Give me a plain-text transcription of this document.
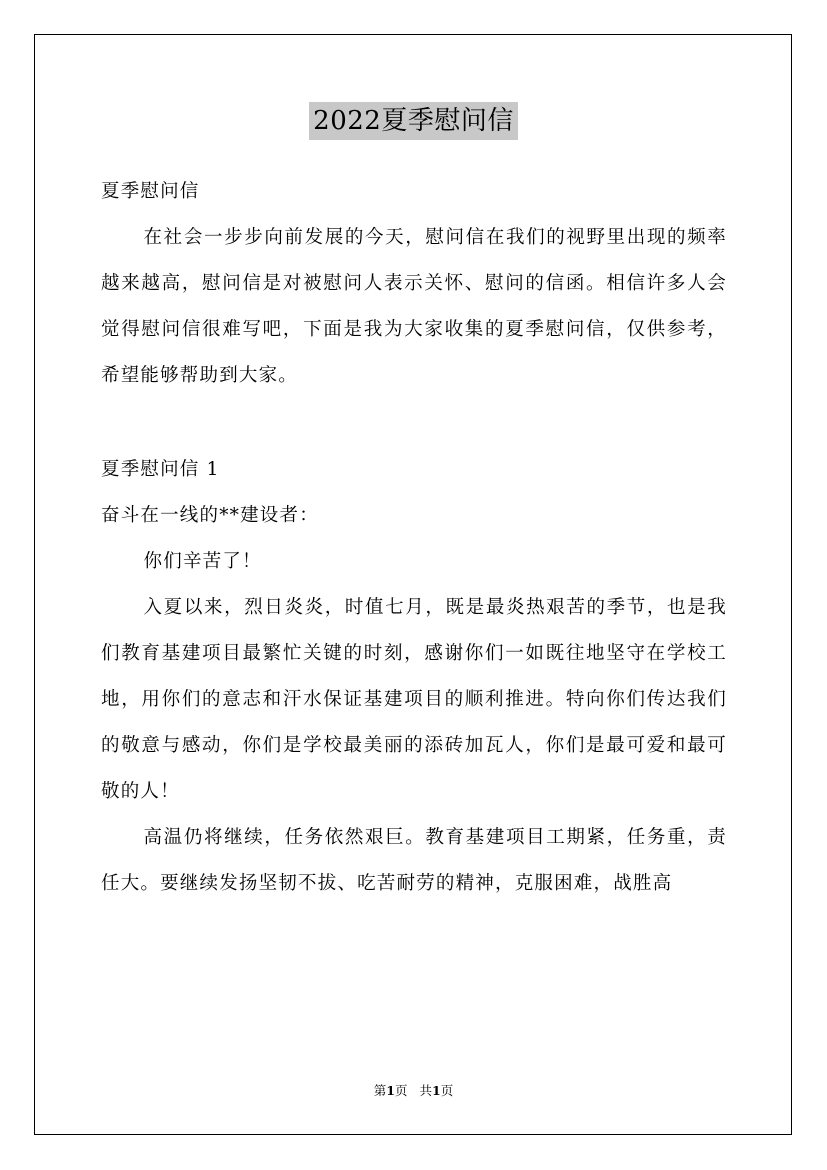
2022夏季慰问信

夏季慰问信

在社会一步步向前发展的今天，慰问信在我们的视野里出现的频率越来越高，慰问信是对被慰问人表示关怀、慰问的信函。相信许多人会觉得慰问信很难写吧，下面是我为大家收集的夏季慰问信，仅供参考，希望能够帮助到大家。

夏季慰问信 1

奋斗在一线的**建设者：

你们辛苦了！

入夏以来，烈日炎炎，时值七月，既是最炎热艰苦的季节，也是我们教育基建项目最繁忙关键的时刻，感谢你们一如既往地坚守在学校工地，用你们的意志和汗水保证基建项目的顺利推进。特向你们传达我们的敬意与感动，你们是学校最美丽的添砖加瓦人，你们是最可爱和最可敬的人！

高温仍将继续，任务依然艰巨。教育基建项目工期紧，任务重，责任大。要继续发扬坚韧不拔、吃苦耐劳的精神，克服困难，战胜高

第1页 共1页
